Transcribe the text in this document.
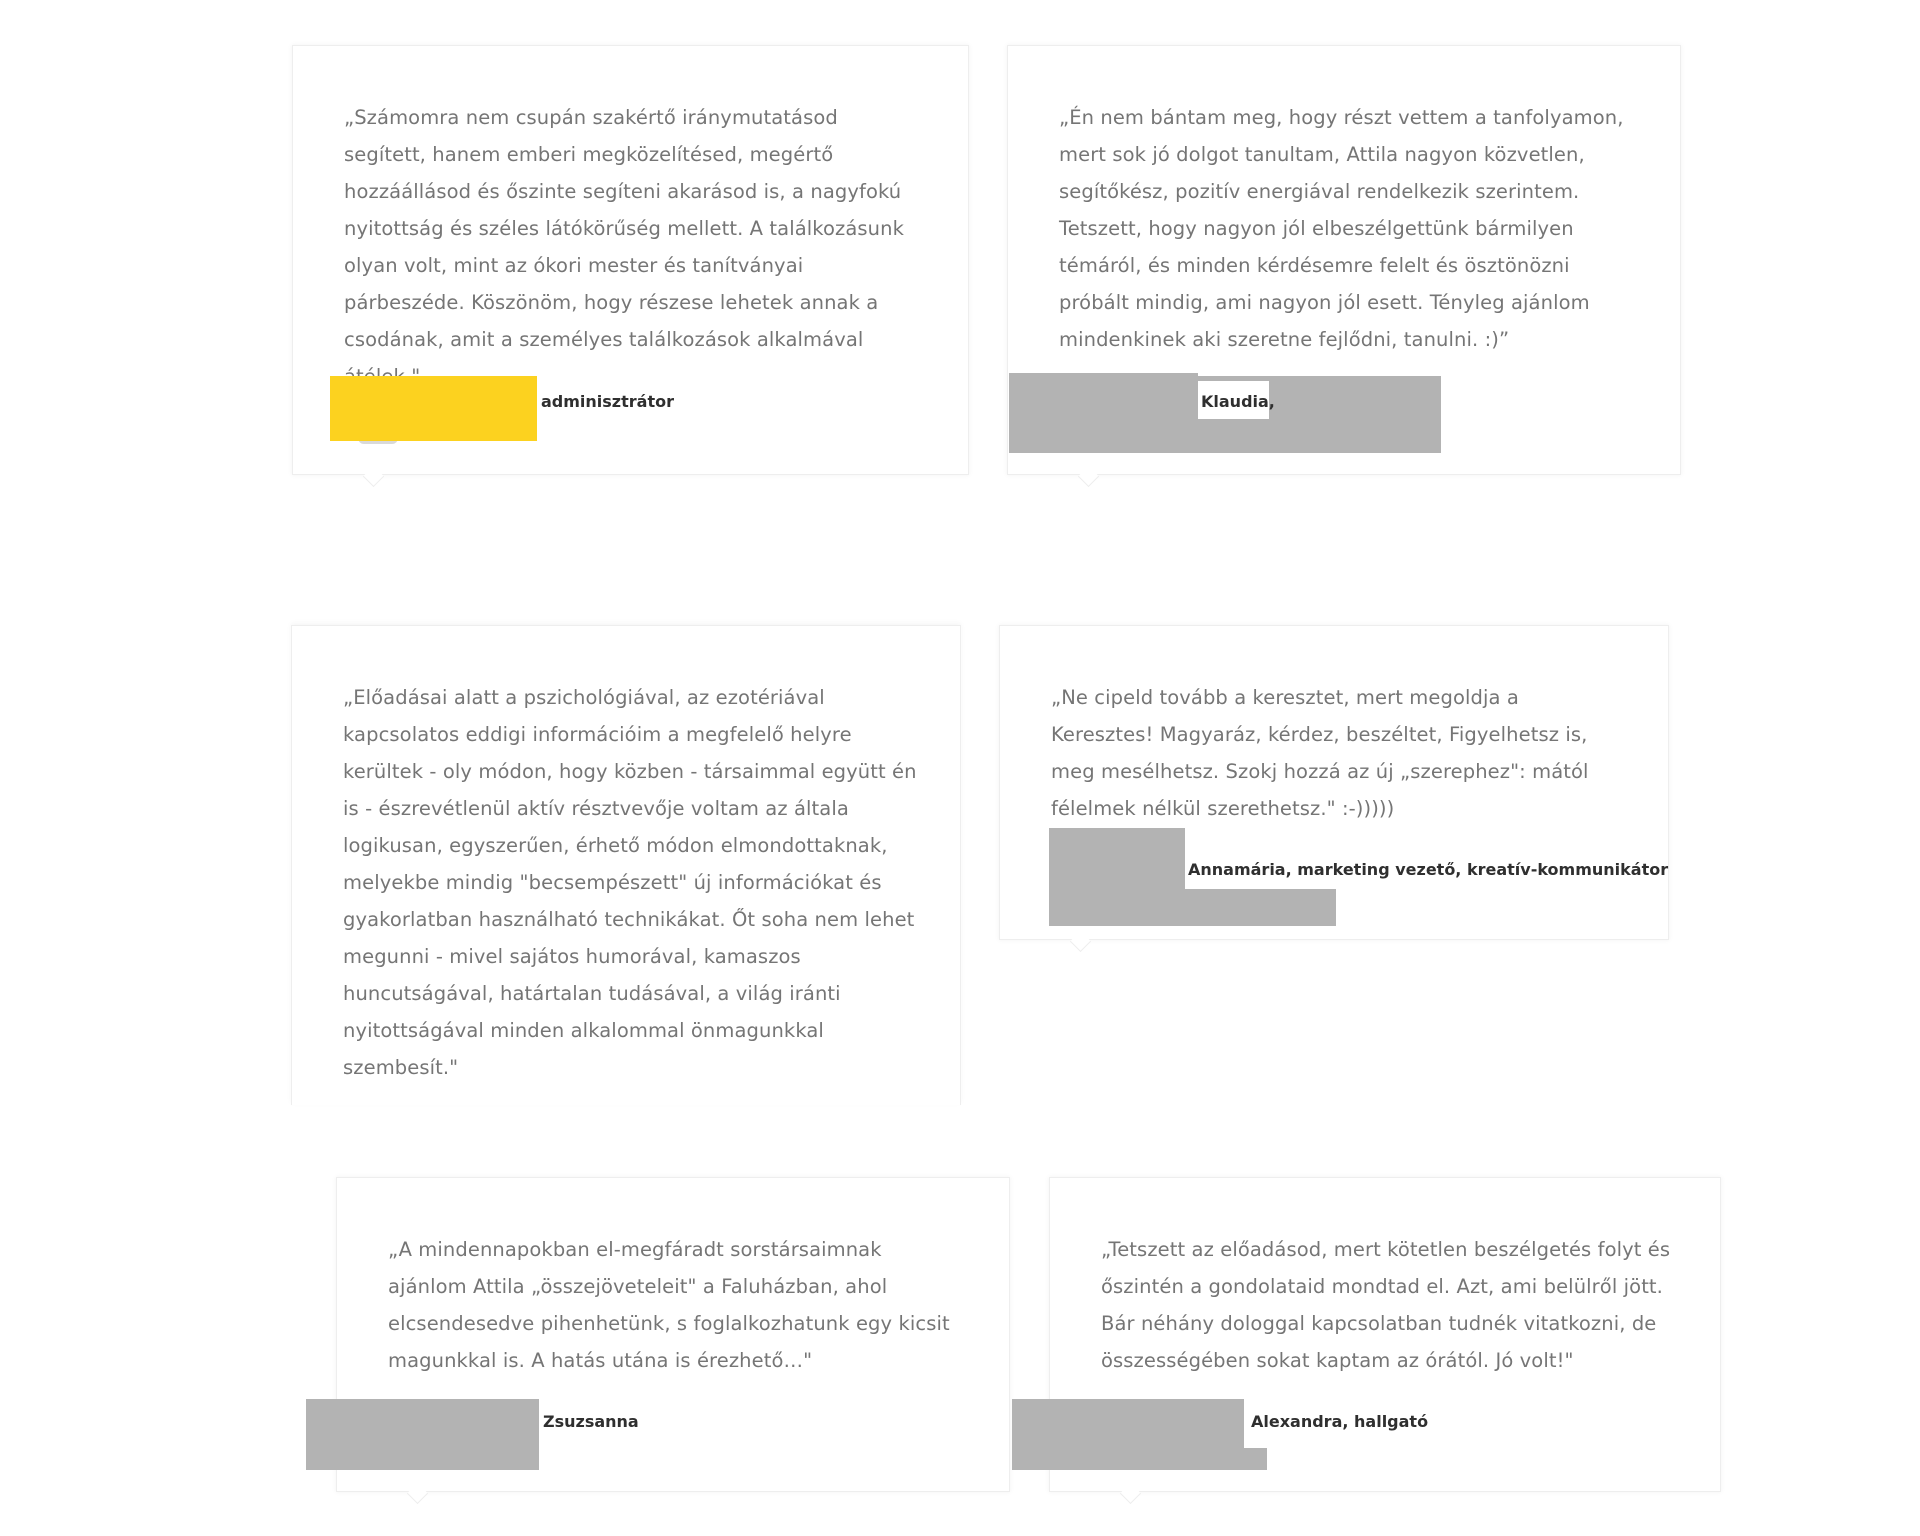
„Számomra nem csupán szakértő iránymutatásod segített, hanem emberi megközelítésed, megértő hozzáállásod és őszinte segíteni akarásod is, a nagyfokú nyitottság és széles látókörűség mellett. A találkozásunk olyan volt, mint az ókori mester és tanítványai párbeszéde. Köszönöm, hogy részese lehetek annak a csodának, amit a személyes találkozások alkalmával

adminisztrátor

„Én nem bántam meg, hogy részt vettem a tanfolyamon, mert sok jó dolgot tanultam, Attila nagyon közvetlen, segítőkész, pozitív energiával rendelkezik szerintem. Tetszett, hogy nagyon jól elbeszélgettünk bármilyen témáról, és minden kérdésemre felelt és ösztönözni próbált mindig, ami nagyon jól esett. Tényleg ajánlom mindenkinek aki szeretne fejlődni, tanulni. :)”

Klaudia,

„Előadásai alatt a pszichológiával, az ezotériával kapcsolatos eddigi információim a megfelelő helyre kerültek - oly módon, hogy közben - társaimmal együtt én is - észrevétlenül aktív résztvevője voltam az általa logikusan, egyszerűen, érhető módon elmondottaknak, melyekbe mindig "becsempészett" új információkat és gyakorlatban használható technikákat. Őt soha nem lehet megunni - mivel sajátos humorával, kamaszos huncutságával, határtalan tudásával, a világ iránti nyitottságával minden alkalommal önmagunkkal szembesít."

„Ne cipeld tovább a keresztet, mert megoldja a Keresztes! Magyaráz, kérdez, beszéltet, Figyelhetsz is, meg mesélhetsz. Szokj hozzá az új „szerephez": mától félelmek nélkül szerethetsz." :-)))))

Annamária, marketing vezető, kreatív-kommunikátor

„A mindennapokban el-megfáradt sorstársaimnak ajánlom Attila „összejöveteleit" a Faluházban, ahol elcsendesedve pihenhetünk, s foglalkozhatunk egy kicsit magunkkal is. A hatás utána is érezhető…"

Zsuzsanna

„Tetszett az előadásod, mert kötetlen beszélgetés folyt és őszintén a gondolataid mondtad el. Azt, ami belülről jött. Bár néhány dologgal kapcsolatban tudnék vitatkozni, de összességében sokat kaptam az órától. Jó volt!"

Alexandra, hallgató
